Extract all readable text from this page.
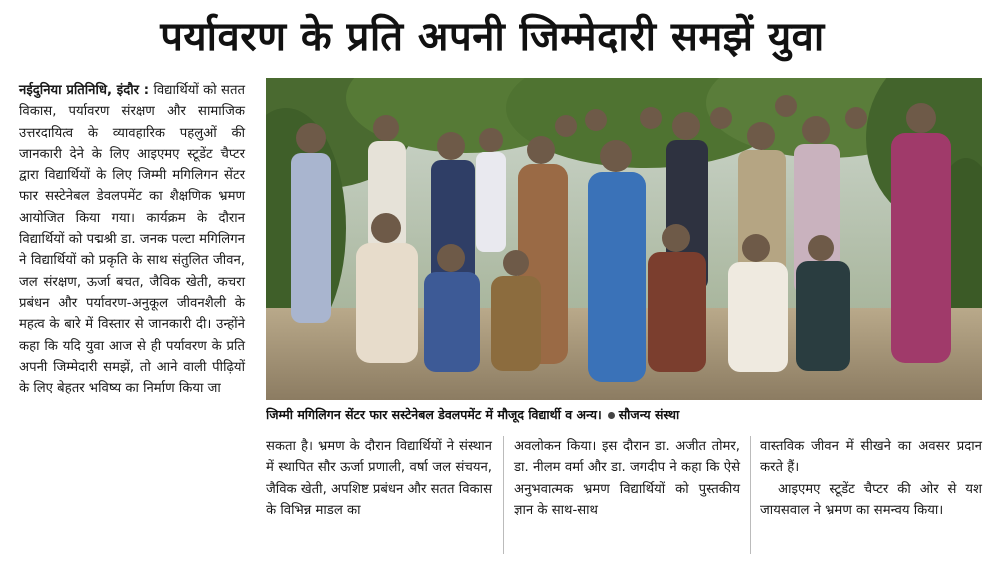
पर्यावरण के प्रति अपनी जिम्मेदारी समझें युवा

नईदुनिया प्रतिनिधि, इंदौर : विद्यार्थियों को सतत विकास, पर्यावरण संरक्षण और सामाजिक उत्तरदायित्व के व्यावहारिक पहलुओं की जानकारी देने के लिए आइएमए स्टूडेंट चैप्टर द्वारा विद्यार्थियों के लिए जिम्मी मगिलिगन सेंटर फार सस्टेनेबल डेवलपमेंट का शैक्षणिक भ्रमण आयोजित किया गया। कार्यक्रम के दौरान विद्यार्थियों को पद्मश्री डा. जनक पल्टा मगिलिगन ने विद्यार्थियों को प्रकृति के साथ संतुलित जीवन, जल संरक्षण, ऊर्जा बचत, जैविक खेती, कचरा प्रबंधन और पर्यावरण-अनुकूल जीवनशैली के महत्व के बारे में विस्तार से जानकारी दी। उन्होंने कहा कि यदि युवा आज से ही पर्यावरण के प्रति अपनी जिम्मेदारी समझें, तो आने वाली पीढ़ियों के लिए बेहतर भविष्य का निर्माण किया जा

जिम्मी मगिलिगन सेंटर फार सस्टेनेबल डेवलपमेंट में मौजूद विद्यार्थी व अन्य। सौजन्य संस्था

सकता है। भ्रमण के दौरान विद्यार्थियों ने संस्थान में स्थापित सौर ऊर्जा प्रणाली, वर्षा जल संचयन, जैविक खेती, अपशिष्ट प्रबंधन और सतत विकास के विभिन्न माडल का

अवलोकन किया। इस दौरान डा. अजीत तोमर, डा. नीलम वर्मा और डा. जगदीप ने कहा कि ऐसे अनुभवात्मक भ्रमण विद्यार्थियों को पुस्तकीय ज्ञान के साथ-साथ

वास्तविक जीवन में सीखने का अवसर प्रदान करते हैं।

आइएमए स्टूडेंट चैप्टर की ओर से यश जायसवाल ने भ्रमण का समन्वय किया।
